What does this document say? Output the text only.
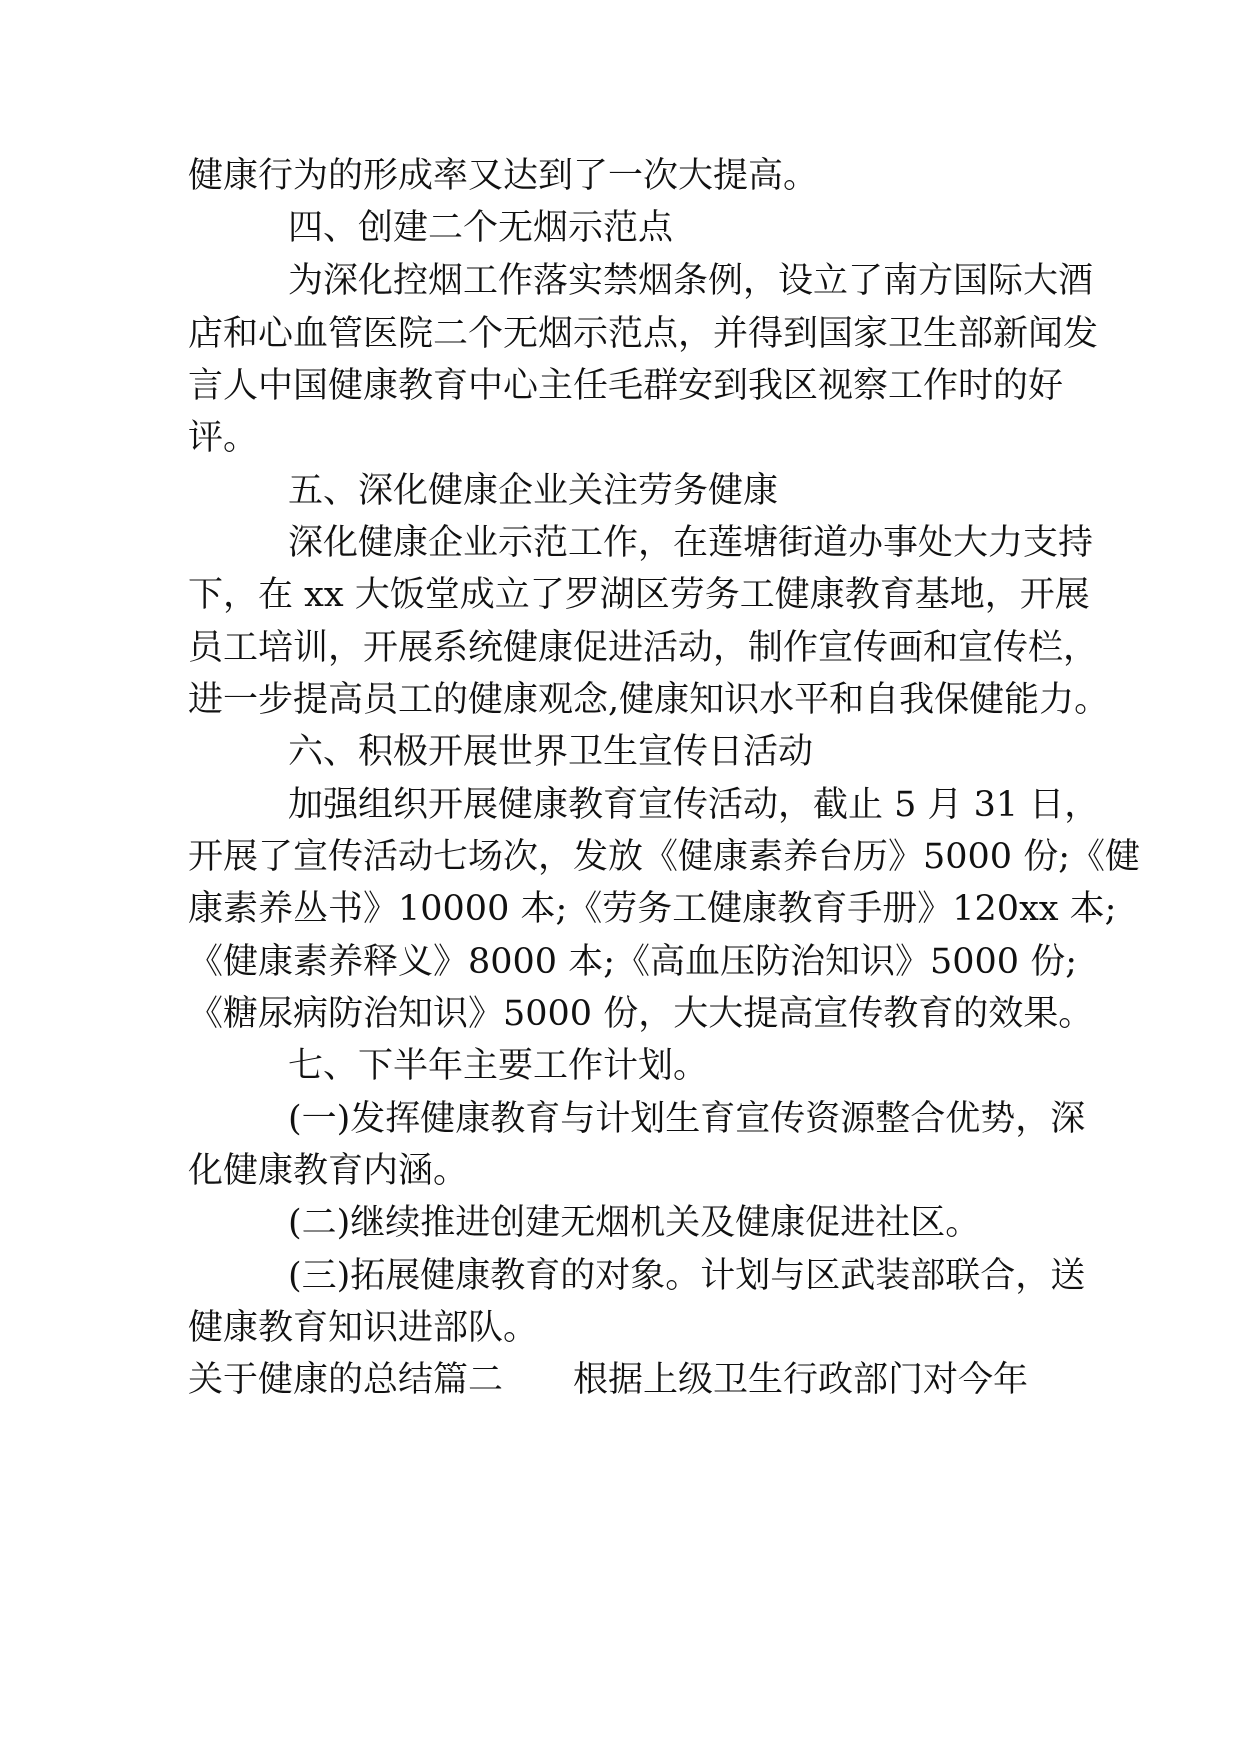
健康行为的形成率又达到了一次大提高。
四、创建二个无烟示范点
为深化控烟工作落实禁烟条例，设立了南方国际大酒
店和心血管医院二个无烟示范点，并得到国家卫生部新闻发
言人中国健康教育中心主任毛群安到我区视察工作时的好
评。
五、深化健康企业关注劳务健康
深化健康企业示范工作，在莲塘街道办事处大力支持
下，在 xx 大饭堂成立了罗湖区劳务工健康教育基地，开展
员工培训，开展系统健康促进活动，制作宣传画和宣传栏，
进一步提高员工的健康观念,健康知识水平和自我保健能力。
六、积极开展世界卫生宣传日活动
加强组织开展健康教育宣传活动，截止 5 月 31 日，
开展了宣传活动七场次，发放《健康素养台历》5000 份;《健
康素养丛书》10000 本;《劳务工健康教育手册》120xx 本;
《健康素养释义》8000 本;《高血压防治知识》5000 份;
《糖尿病防治知识》5000 份，大大提高宣传教育的效果。
七、下半年主要工作计划。
(一)发挥健康教育与计划生育宣传资源整合优势，深
化健康教育内涵。
(二)继续推进创建无烟机关及健康促进社区。
(三)拓展健康教育的对象。计划与区武装部联合，送
健康教育知识进部队。
关于健康的总结篇二　　根据上级卫生行政部门对今年
